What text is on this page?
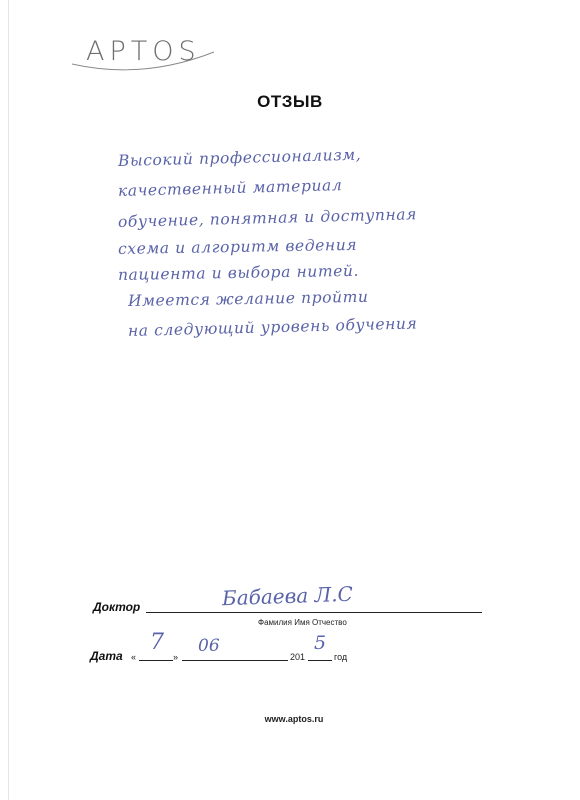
APTOS
ОТЗЫВ
Высокий профессионализм,
качественный материал
обучение, понятная и доступная
схема и алгоритм ведения
пациента и выбора нитей.
Имеется желание пройти
на следующий уровень обучения
Доктор	Бабаева Л.С
Фамилия Имя Отчество
Дата «
7
»
06
201
5
год
www.aptos.ru
